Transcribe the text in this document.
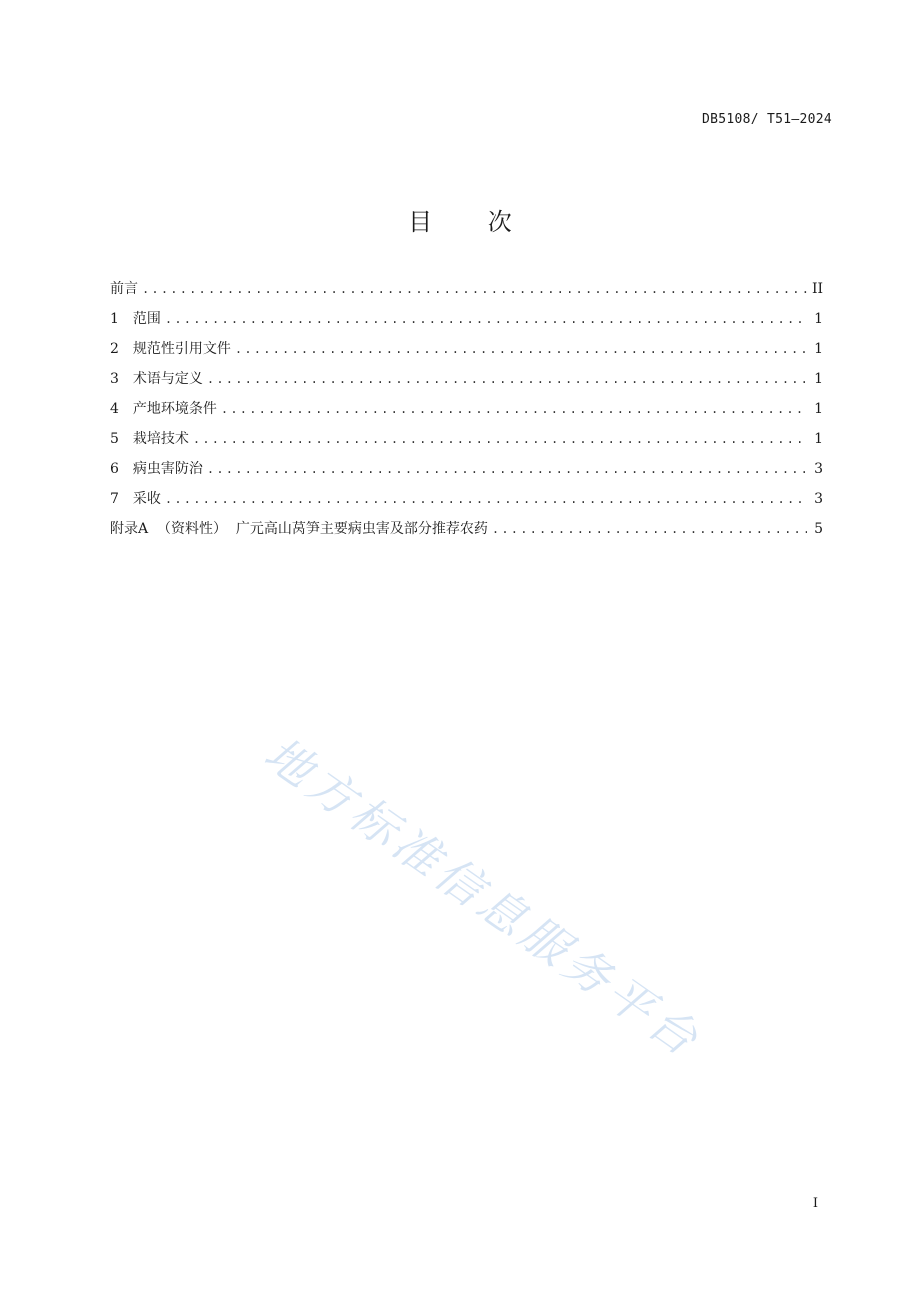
DB5108/ T51—2024
目 次
前言 .....	II
1 范围 .....	1
2 规范性引用文件 .....	1
3 术语与定义 .....	1
4 产地环境条件 .....	1
5 栽培技术 .....	1
6 病虫害防治 .....	3
7 采收 .....	3
附录A  （资料性）  广元高山莴笋主要病虫害及部分推荐农药 .....	5
地方标准信息服务平台
I
